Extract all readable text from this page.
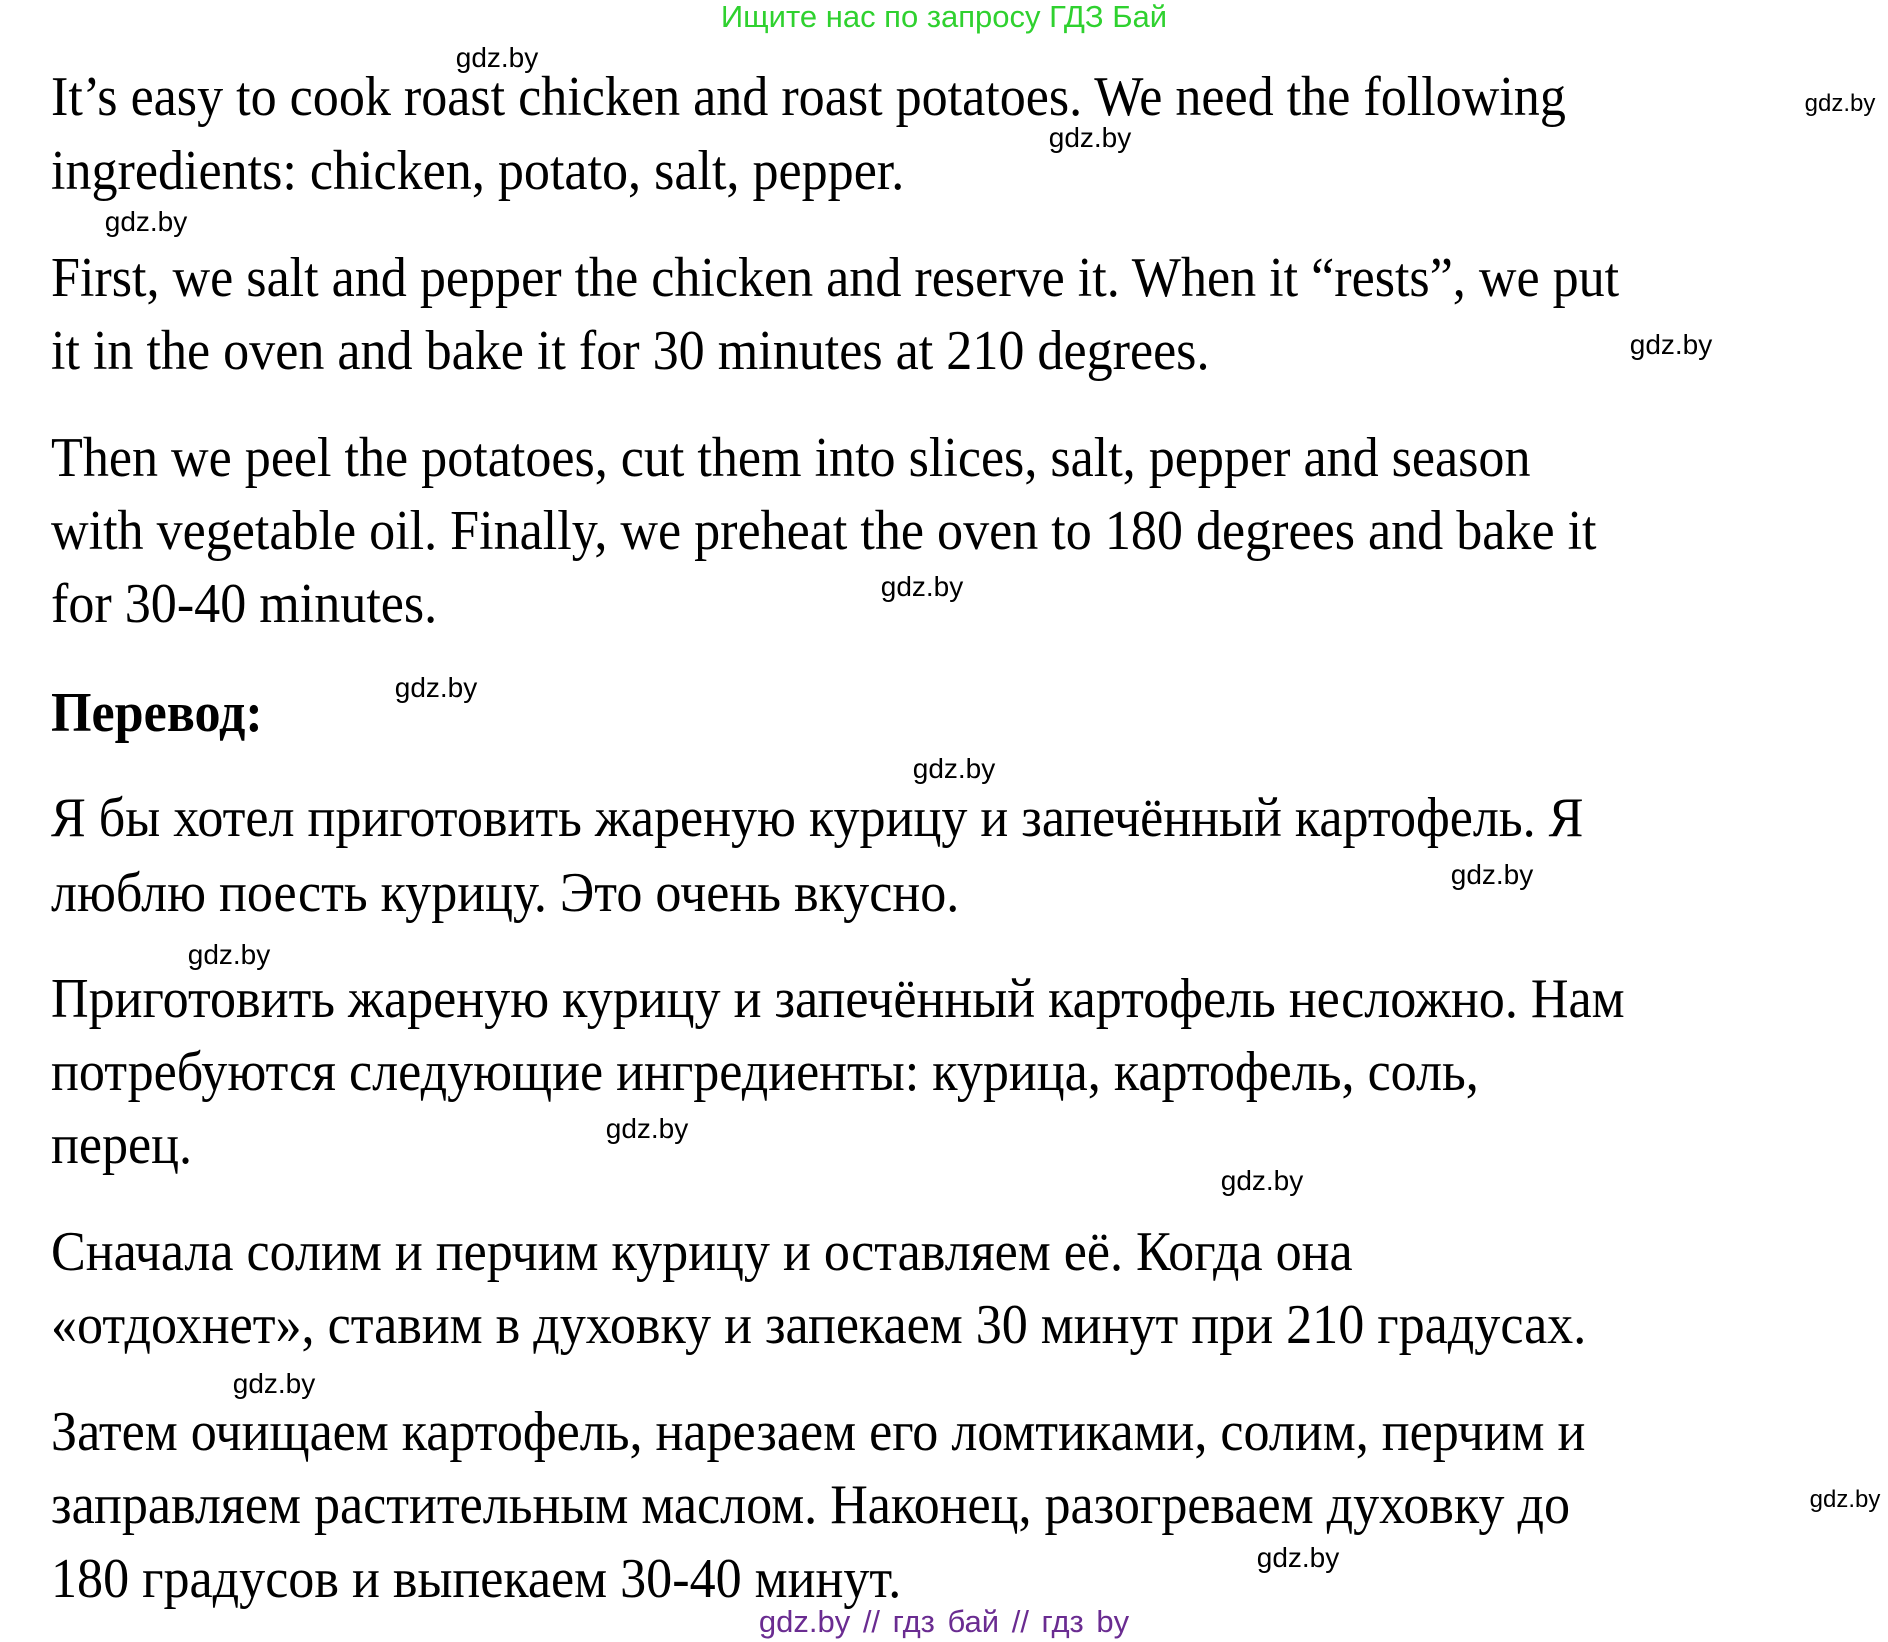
Ищите нас по запросу ГДЗ Бай
It’s easy to cook roast chicken and roast potatoes. We need the following
ingredients: chicken, potato, salt, pepper.
First, we salt and pepper the chicken and reserve it. When it “rests”, we put
it in the oven and bake it for 30 minutes at 210 degrees.
Then we peel the potatoes, cut them into slices, salt, pepper and season
with vegetable oil. Finally, we preheat the oven to 180 degrees and bake it
for 30-40 minutes.
Перевод:
Я бы хотел приготовить жареную курицу и запечённый картофель. Я
люблю поесть курицу. Это очень вкусно.
Приготовить жареную курицу и запечённый картофель несложно. Нам
потребуются следующие ингредиенты: курица, картофель, соль,
перец.
Сначала солим и перчим курицу и оставляем её. Когда она
«отдохнет», ставим в духовку и запекаем 30 минут при 210 градусах.
Затем очищаем картофель, нарезаем его ломтиками, солим, перчим и
заправляем растительным маслом. Наконец, разогреваем духовку до
180 градусов и выпекаем 30-40 минут.
gdz.by
gdz.by
gdz.by
gdz.by
gdz.by
gdz.by
gdz.by
gdz.by
gdz.by
gdz.by
gdz.by
gdz.by
gdz.by
gdz.by
gdz.by
gdz.by // гдз бай // гдз by
